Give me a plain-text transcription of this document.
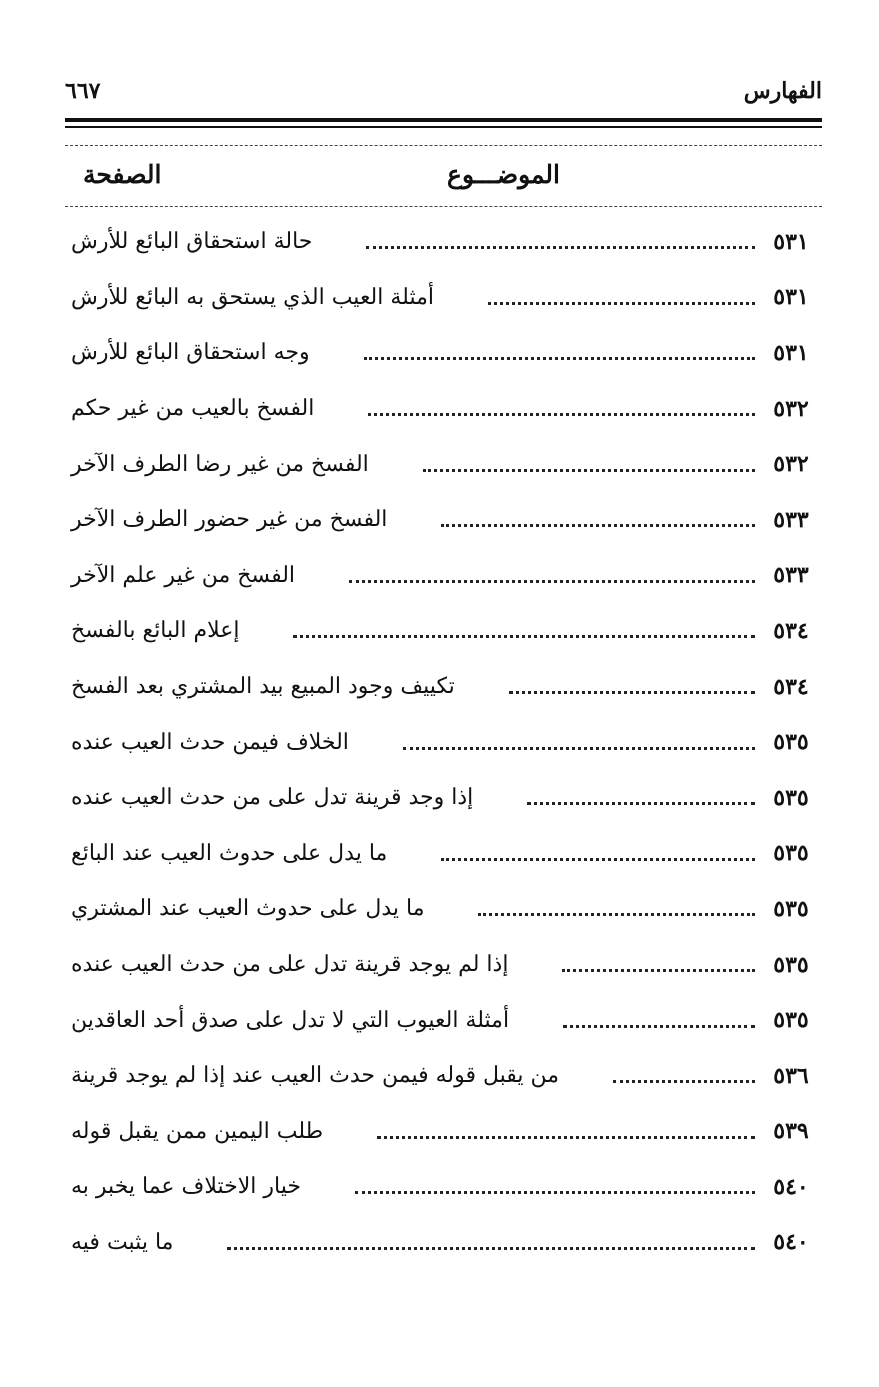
الفهارس
٦٦٧
الموضـــوع
الصفحة
حالة استحقاق البائع للأرش	٥٣١
أمثلة العيب الذي يستحق به البائع للأرش	٥٣١
وجه استحقاق البائع للأرش	٥٣١
الفسخ بالعيب من غير حكم	٥٣٢
الفسخ من غير رضا الطرف الآخر	٥٣٢
الفسخ من غير حضور الطرف الآخر	٥٣٣
الفسخ من غير علم الآخر	٥٣٣
إعلام البائع بالفسخ	٥٣٤
تكييف وجود المبيع بيد المشتري بعد الفسخ	٥٣٤
الخلاف فيمن حدث العيب عنده	٥٣٥
إذا وجد قرينة تدل على من حدث العيب عنده	٥٣٥
ما يدل على حدوث العيب عند البائع	٥٣٥
ما يدل على حدوث العيب عند المشتري	٥٣٥
إذا لم يوجد قرينة تدل على من حدث العيب عنده	٥٣٥
أمثلة العيوب التي لا تدل على صدق أحد العاقدين	٥٣٥
من يقبل قوله فيمن حدث العيب عند إذا لم يوجد قرينة	٥٣٦
طلب اليمين ممن يقبل قوله	٥٣٩
خيار الاختلاف عما يخبر به	٥٤٠
ما يثبت فيه	٥٤٠
